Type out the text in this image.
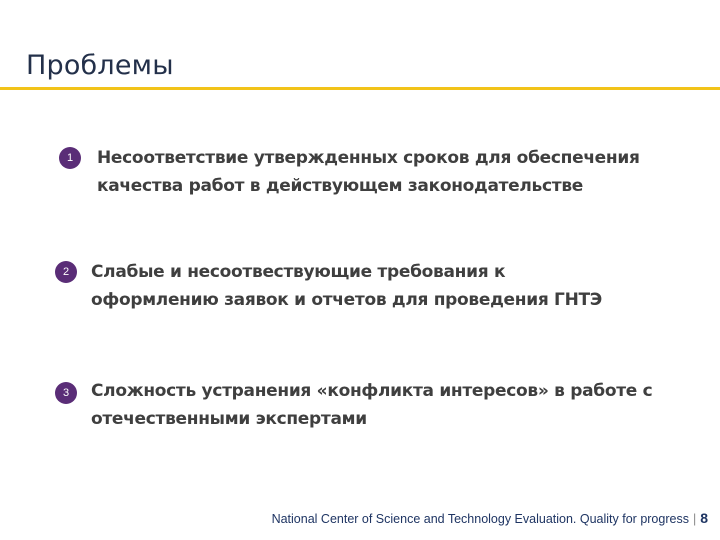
Проблемы
1	Несоответствие утвержденных сроков для обеспечения
качества работ в действующем законодательстве
2	Слабые и несоотвествующие требования к
оформлению заявок и отчетов для проведения ГНТЭ
3	Сложность устранения «конфликта интересов» в работе с
отечественными экспертами
National Center of Science and Technology Evaluation. Quality for progress | 8
